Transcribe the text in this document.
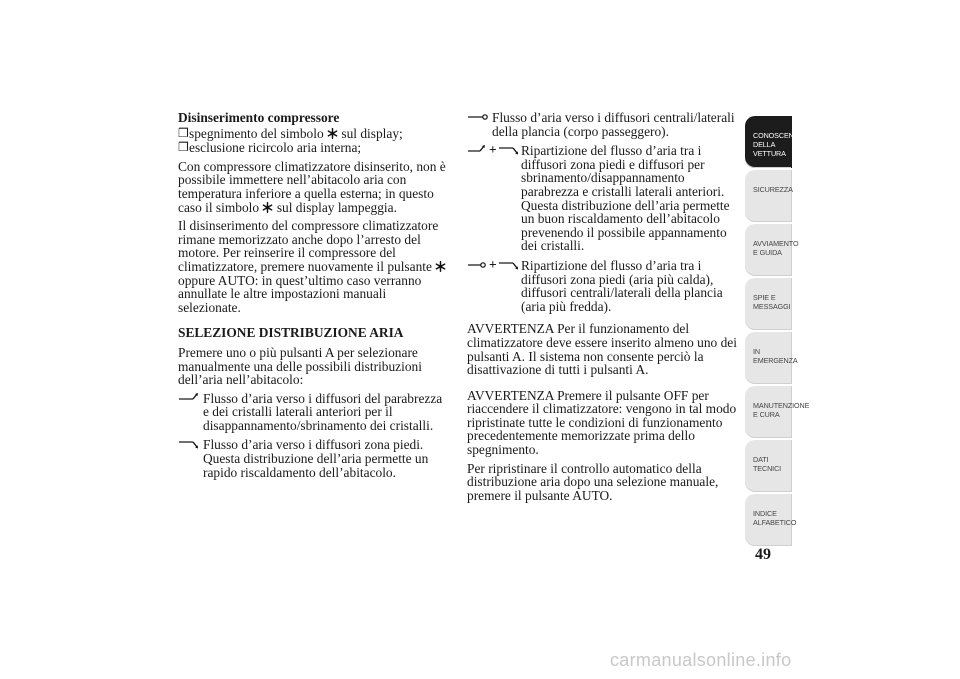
Disinserimento compressore
❒ spegnimento del simbolo sul display;
❒ esclusione ricircolo aria interna;
Con compressore climatizzatore disinserito, non è possibile immettere nell’abitacolo aria con temperatura inferiore a quella esterna; in questo caso il simbolo sul display lampeggia.
Il disinserimento del compressore climatizzatore rimane memorizzato anche dopo l’arresto del motore. Per reinserire il compressore del climatizzatore, premere nuovamente il pulsante
oppure AUTO: in quest’ultimo caso verranno annullate le altre impostazioni manuali selezionate.
SELEZIONE DISTRIBUZIONE ARIA
Premere uno o più pulsanti A per selezionare manualmente una delle possibili distribuzioni dell’aria nell’abitacolo:
Flusso d’aria verso i diffusori del parabrezza e dei cristalli laterali anteriori per il disappannamento/sbrinamento dei cristalli.
Flusso d’aria verso i diffusori zona piedi. Questa distribuzione dell’aria permette un rapido riscaldamento dell’abitacolo.
Flusso d’aria verso i diffusori centrali/laterali della plancia (corpo passeggero).
+ Ripartizione del flusso d’aria tra i diffusori zona piedi e diffusori per sbrinamento/disappannamento parabrezza e cristalli laterali anteriori. Questa distribuzione dell’aria permette un buon riscaldamento dell’abitacolo prevenendo il possibile appannamento dei cristalli.
+ Ripartizione del flusso d’aria tra i diffusori zona piedi (aria più calda), diffusori centrali/laterali della plancia (aria più fredda).
AVVERTENZA Per il funzionamento del climatizzatore deve essere inserito almeno uno dei pulsanti A. Il sistema non consente perciò la disattivazione di tutti i pulsanti A.
AVVERTENZA Premere il pulsante OFF per riaccendere il climatizzatore: vengono in tal modo ripristinate tutte le condizioni di funzionamento precedentemente memorizzate prima dello spegnimento.
Per ripristinare il controllo automatico della distribuzione aria dopo una selezione manuale, premere il pulsante AUTO.
CONOSCENZA DELLA VETTURA
SICUREZZA
AVVIAMENTO E GUIDA
SPIE E MESSAGGI
IN EMERGENZA
MANUTENZIONE E CURA
DATI TECNICI
INDICE ALFABETICO
49
carmanualsonline.info
